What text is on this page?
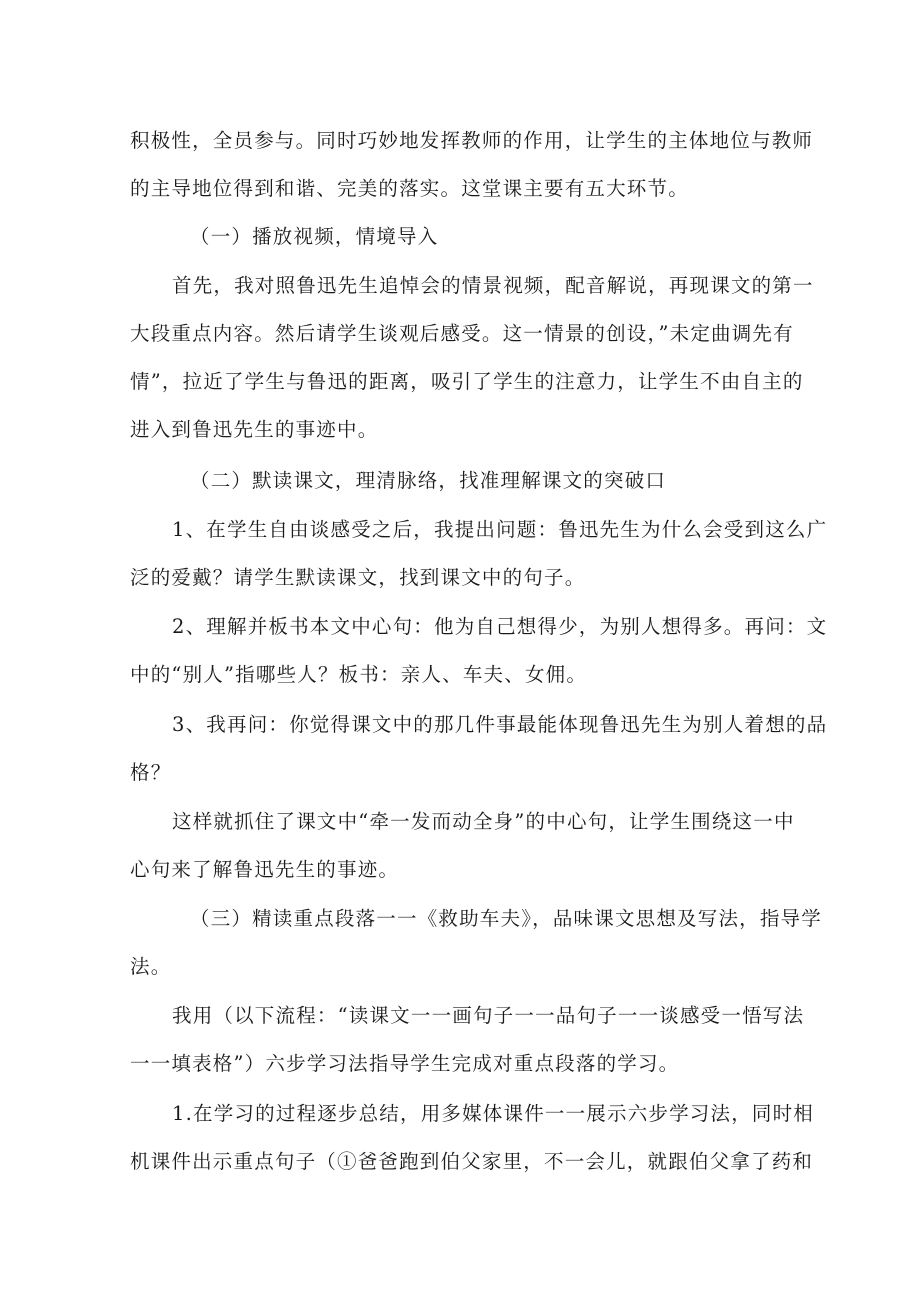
积极性，全员参与。同时巧妙地发挥教师的作用，让学生的主体地位与教师
的主导地位得到和谐、完美的落实。这堂课主要有五大环节。
（一）播放视频，情境导入
首先，我对照鲁迅先生追悼会的情景视频，配音解说，再现课文的第一
大段重点内容。然后请学生谈观后感受。这一情景的创设，”未定曲调先有
情”，拉近了学生与鲁迅的距离，吸引了学生的注意力，让学生不由自主的
进入到鲁迅先生的事迹中。
（二）默读课文，理清脉络，找准理解课文的突破口
1、在学生自由谈感受之后，我提出问题：鲁迅先生为什么会受到这么广
泛的爱戴？请学生默读课文，找到课文中的句子。
2、理解并板书本文中心句：他为自己想得少，为别人想得多。再问：文
中的“别人”指哪些人？板书：亲人、车夫、女佣。
3、我再问：你觉得课文中的那几件事最能体现鲁迅先生为别人着想的品
格？
这样就抓住了课文中“牵一发而动全身”的中心句，让学生围绕这一中
心句来了解鲁迅先生的事迹。
（三）精读重点段落一一《救助车夫》，品味课文思想及写法，指导学
法。
我用（以下流程：“读课文一一画句子一一品句子一一谈感受一悟写法
一一填表格”）六步学习法指导学生完成对重点段落的学习。
1.在学习的过程逐步总结，用多媒体课件一一展示六步学习法，同时相
机课件出示重点句子（①爸爸跑到伯父家里，不一会儿，就跟伯父拿了药和
